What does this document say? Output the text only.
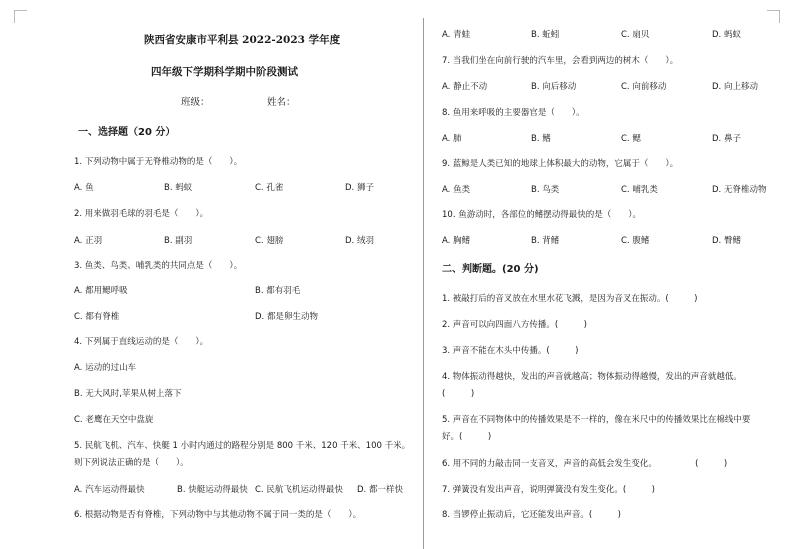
陕西省安康市平利县 2022-2023 学年度
四年级下学期科学期中阶段测试
班级：	姓名：
一、选择题（20 分）
1. 下列动物中属于无脊椎动物的是（　　）。
A. 鱼	B. 蚂蚁	C. 孔雀	D. 狮子
2. 用来做羽毛球的羽毛是（　　）。
A. 正羽	B. 副羽	C. 翅膀	D. 绒羽
3. 鱼类、鸟类、哺乳类的共同点是（　　）。
A. 都用鳃呼吸	B. 都有羽毛
C. 都有脊椎	D. 都是卵生动物
4. 下列属于直线运动的是（　　）。
A. 运动的过山车
B. 无大风时,苹果从树上落下
C. 老鹰在天空中盘旋
5. 民航飞机、汽车、快艇 1 小时内通过的路程分别是 800 千米、120 千米、100 千米。
则下列说法正确的是（　　）。
A. 汽车运动得最快	B. 快艇运动得最快 C. 民航飞机运动得最快 D. 都一样快
6. 根据动物是否有脊椎，下列动物中与其他动物不属于同一类的是（　　）。
A. 青蛙	B. 蚯蚓	C. 扇贝	D. 蚂蚁
7. 当我们坐在向前行驶的汽车里，会看到两边的树木（　　）。
A. 静止不动	B. 向后移动	C. 向前移动	D. 向上移动
8. 鱼用来呼吸的主要器官是（　　）。
A. 肺	B. 鳍	C. 鳃	D. 鼻子
9. 蓝鲸是人类已知的地球上体积最大的动物，它属于（　　）。
A. 鱼类	B. 鸟类	C. 哺乳类	D. 无脊椎动物
10. 鱼游动时，各部位的鳍摆动得最快的是（　　）。
A. 胸鳍	B. 背鳍	C. 腹鳍	D. 臀鳍
二、判断题。(20 分)
1. 被敲打后的音叉放在水里水花飞溅，是因为音叉在振动。(　　　)
2. 声音可以向四面八方传播。(　　　)
3. 声音不能在木头中传播。(　　　)
4. 物体振动得越快，发出的声音就越高；物体振动得越慢，发出的声音就越低。
(　　　)
5. 声音在不同物体中的传播效果是不一样的，像在米尺中的传播效果比在棉线中要
好。(　　　)
6. 用不同的力敲击同一支音叉，声音的高低会发生变化。　　　　　(　　　)
7. 弹簧没有发出声音，说明弹簧没有发生变化。(　　　)
8. 当锣停止振动后，它还能发出声音。(　　　)
